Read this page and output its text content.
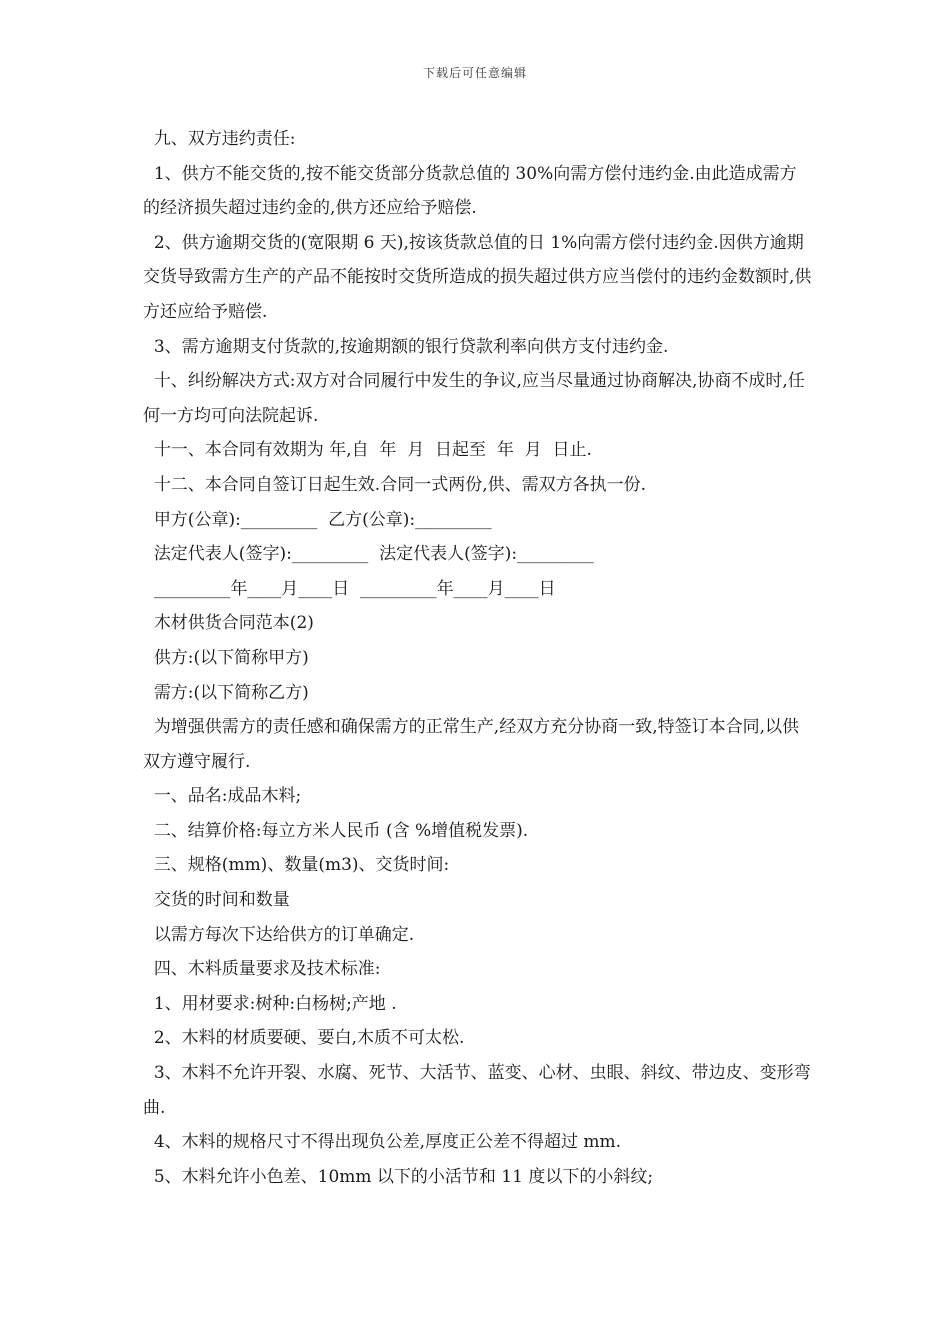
下载后可任意编辑

九、双方违约责任:

1、供方不能交货的,按不能交货部分货款总值的 30%向需方偿付违约金.由此造成需方的经济损失超过违约金的,供方还应给予赔偿.

2、供方逾期交货的(宽限期 6 天),按该货款总值的日 1%向需方偿付违约金.因供方逾期交货导致需方生产的产品不能按时交货所造成的损失超过供方应当偿付的违约金数额时,供方还应给予赔偿.

3、需方逾期支付货款的,按逾期额的银行贷款利率向供方支付违约金.

十、纠纷解决方式:双方对合同履行中发生的争议,应当尽量通过协商解决,协商不成时,任何一方均可向法院起诉.

十一、本合同有效期为 年,自  年  月  日起至  年  月  日止.

十二、本合同自签订日起生效.合同一式两份,供、需双方各执一份.

甲方(公章):_________  乙方(公章):_________

法定代表人(签字):_________  法定代表人(签字):_________

_________年____月____日  _________年____月____日

木材供货合同范本(2)

供方:(以下简称甲方)

需方:(以下简称乙方)

为增强供需方的责任感和确保需方的正常生产,经双方充分协商一致,特签订本合同,以供双方遵守履行.

一、品名:成品木料;

二、结算价格:每立方米人民币 (含 %增值税发票).

三、规格(mm)、数量(m3)、交货时间:

交货的时间和数量

以需方每次下达给供方的订单确定.

四、木料质量要求及技术标准:

1、用材要求:树种:白杨树;产地 .

2、木料的材质要硬、要白,木质不可太松.

3、木料不允许开裂、水腐、死节、大活节、蓝变、心材、虫眼、斜纹、带边皮、变形弯曲.

4、木料的规格尺寸不得出现负公差,厚度正公差不得超过 mm.

5、木料允许小色差、10mm 以下的小活节和 11 度以下的小斜纹;
